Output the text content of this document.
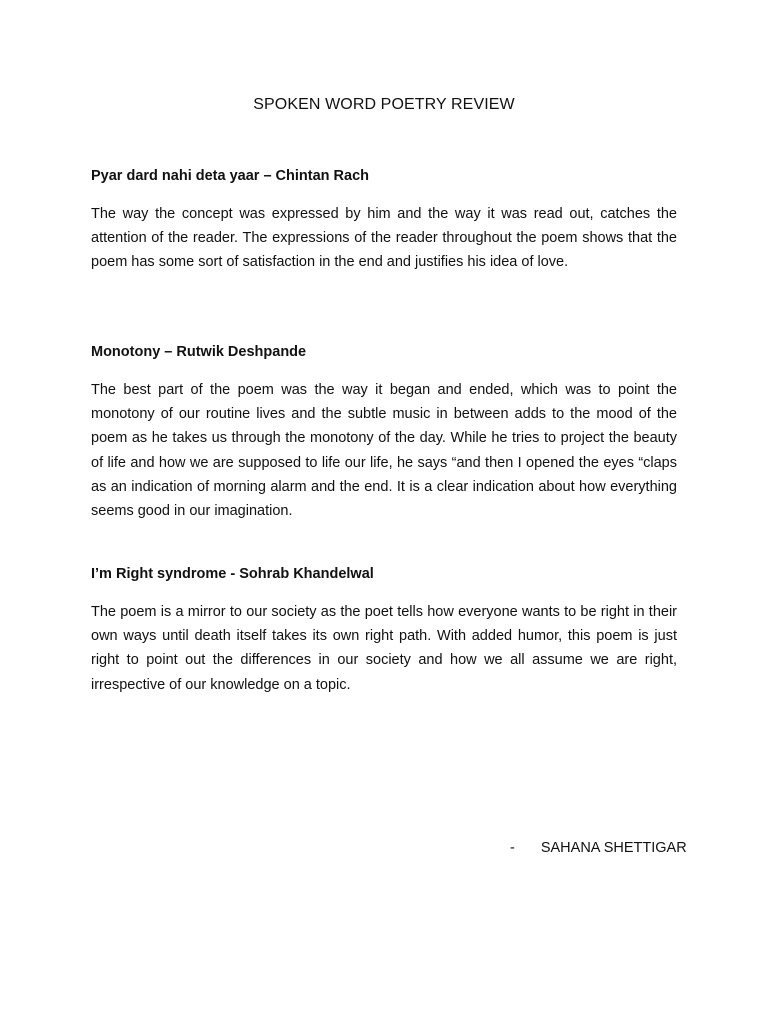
SPOKEN WORD POETRY REVIEW

Pyar dard nahi deta yaar – Chintan Rach

The way the concept was expressed by him and the way it was read out, catches the attention of the reader. The expressions of the reader throughout the poem shows that the poem has some sort of satisfaction in the end and justifies his idea of love.

Monotony – Rutwik Deshpande

The best part of the poem was the way it began and ended, which was to point the monotony of our routine lives and the subtle music in between adds to the mood of the poem as he takes us through the monotony of the day. While he tries to project the beauty of life and how we are supposed to life our life, he says “and then I opened the eyes “claps as an indication of morning alarm and the end. It is a clear indication about how everything seems good in our imagination.

I’m Right syndrome - Sohrab Khandelwal

The poem is a mirror to our society as the poet tells how everyone wants to be right in their own ways until death itself takes its own right path. With added humor, this poem is just right to point out the differences in our society and how we all assume we are right, irrespective of our knowledge on a topic.

- SAHANA SHETTIGAR
